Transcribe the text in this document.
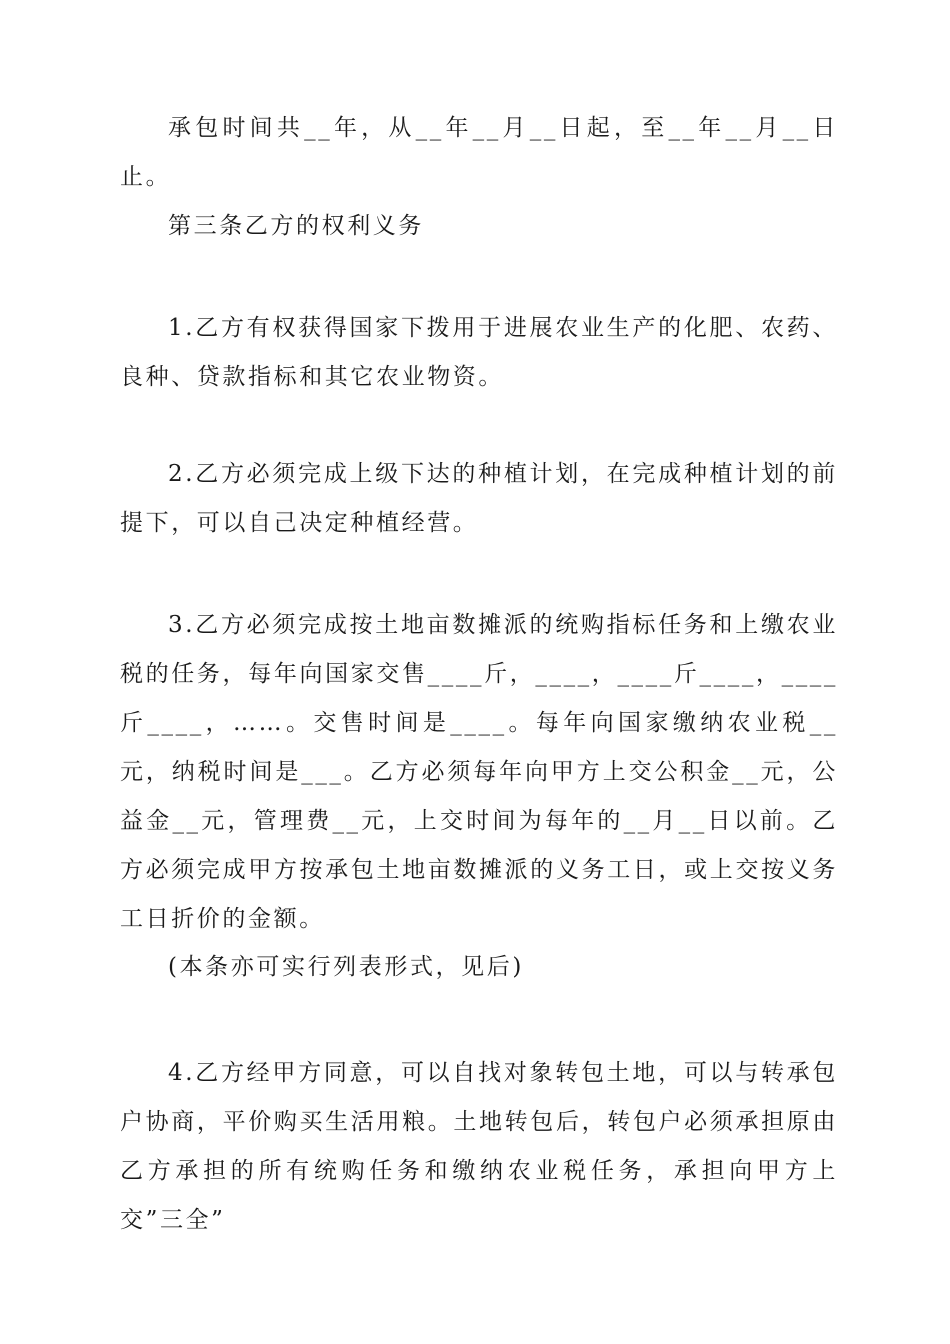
承包时间共__年，从__年__月__日起，至__年__月__日止。

第三条乙方的权利义务

1.乙方有权获得国家下拨用于进展农业生产的化肥、农药、良种、贷款指标和其它农业物资。

2.乙方必须完成上级下达的种植计划，在完成种植计划的前提下，可以自己决定种植经营。

3.乙方必须完成按土地亩数摊派的统购指标任务和上缴农业税的任务，每年向国家交售____斤，____，____斤____，____斤____，……。交售时间是____。每年向国家缴纳农业税__元，纳税时间是___。乙方必须每年向甲方上交公积金__元，公益金__元，管理费__元，上交时间为每年的__月__日以前。乙方必须完成甲方按承包土地亩数摊派的义务工日，或上交按义务工日折价的金额。

(本条亦可实行列表形式，见后)

4.乙方经甲方同意，可以自找对象转包土地，可以与转承包户协商，平价购买生活用粮。土地转包后，转包户必须承担原由乙方承担的所有统购任务和缴纳农业税任务，承担向甲方上交”三全”
